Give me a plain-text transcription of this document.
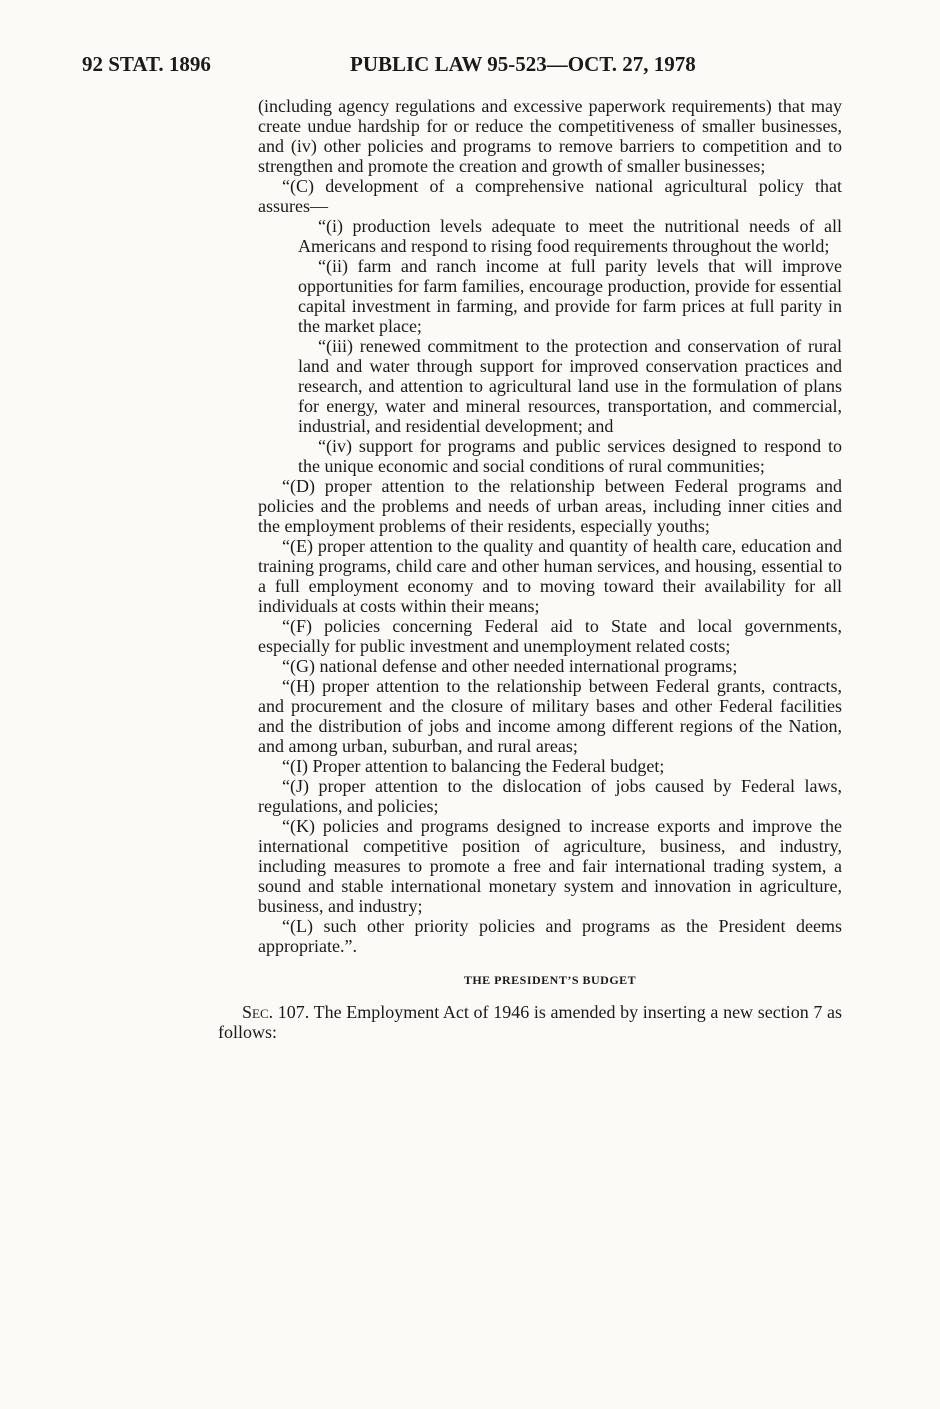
92 STAT. 1896	PUBLIC LAW 95-523—OCT. 27, 1978

(including agency regulations and excessive paperwork requirements) that may create undue hardship for or reduce the competitiveness of smaller businesses, and (iv) other policies and programs to remove barriers to competition and to strengthen and promote the creation and growth of smaller businesses;

“(C) development of a comprehensive national agricultural policy that assures—

“(i) production levels adequate to meet the nutritional needs of all Americans and respond to rising food requirements throughout the world;

“(ii) farm and ranch income at full parity levels that will improve opportunities for farm families, encourage production, provide for essential capital investment in farming, and provide for farm prices at full parity in the market place;

“(iii) renewed commitment to the protection and conservation of rural land and water through support for improved conservation practices and research, and attention to agricultural land use in the formulation of plans for energy, water and mineral resources, transportation, and commercial, industrial, and residential development; and

“(iv) support for programs and public services designed to respond to the unique economic and social conditions of rural communities;

“(D) proper attention to the relationship between Federal programs and policies and the problems and needs of urban areas, including inner cities and the employment problems of their residents, especially youths;

“(E) proper attention to the quality and quantity of health care, education and training programs, child care and other human services, and housing, essential to a full employment economy and to moving toward their availability for all individuals at costs within their means;

“(F) policies concerning Federal aid to State and local governments, especially for public investment and unemployment related costs;

“(G) national defense and other needed international programs;

“(H) proper attention to the relationship between Federal grants, contracts, and procurement and the closure of military bases and other Federal facilities and the distribution of jobs and income among different regions of the Nation, and among urban, suburban, and rural areas;

“(I) Proper attention to balancing the Federal budget;

“(J) proper attention to the dislocation of jobs caused by Federal laws, regulations, and policies;

“(K) policies and programs designed to increase exports and improve the international competitive position of agriculture, business, and industry, including measures to promote a free and fair international trading system, a sound and stable international monetary system and innovation in agriculture, business, and industry;

“(L) such other priority policies and programs as the President deems appropriate.”.

THE PRESIDENT’S BUDGET

Sec. 107. The Employment Act of 1946 is amended by inserting a new section 7 as follows:
